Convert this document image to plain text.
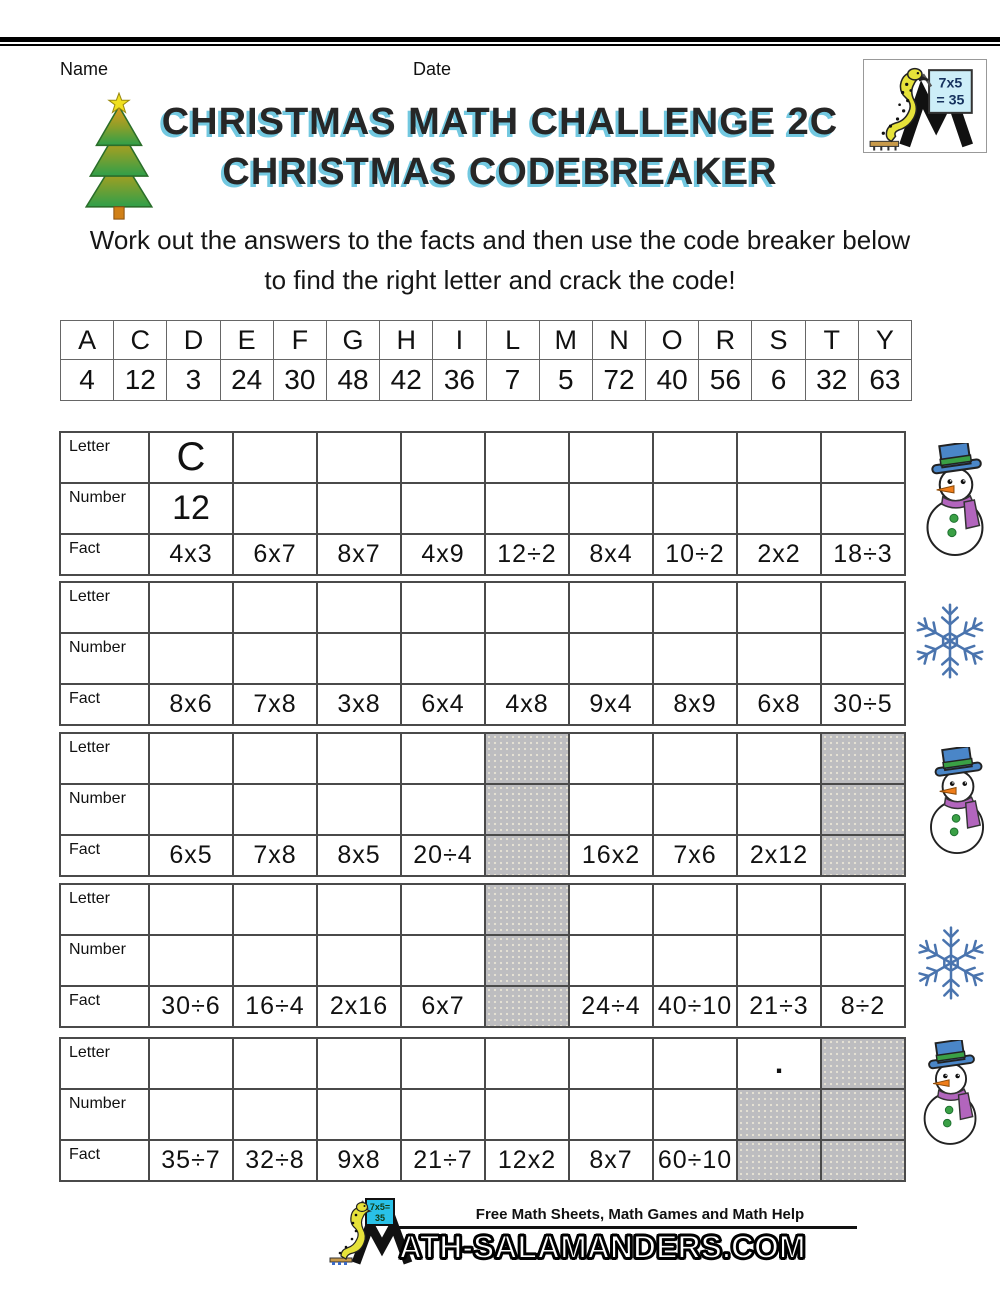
Name	Date
7x5
= 35
CHRISTMAS MATH CHALLENGE 2C
CHRISTMAS CODEBREAKER
Work out the answers to the facts and then use the code breaker below
to find the right letter and crack the code!
A	C	D	E	F	G	H	I	L	M	N	O	R	S	T	Y
4	12	3	24	30	48	42	36	7	5	72	40	56	6	32	63
Letter	C								
Number	12								
Fact	4x3	6x7	8x7	4x9	12÷2	8x4	10÷2	2x2	18÷3
Letter									
Number									
Fact	8x6	7x8	3x8	6x4	4x8	9x4	8x9	6x8	30÷5
Letter									
Number									
Fact	6x5	7x8	8x5	20÷4		16x2	7x6	2x12	
Letter									
Number									
Fact	30÷6	16÷4	2x16	6x7		24÷4	40÷10	21÷3	8÷2
Letter								.	
Number									
Fact	35÷7	32÷8	9x8	21÷7	12x2	8x7	60÷10		
7x5=
35	Free Math Sheets, Math Games and Math Help
ATH-SALAMANDERS.COM
